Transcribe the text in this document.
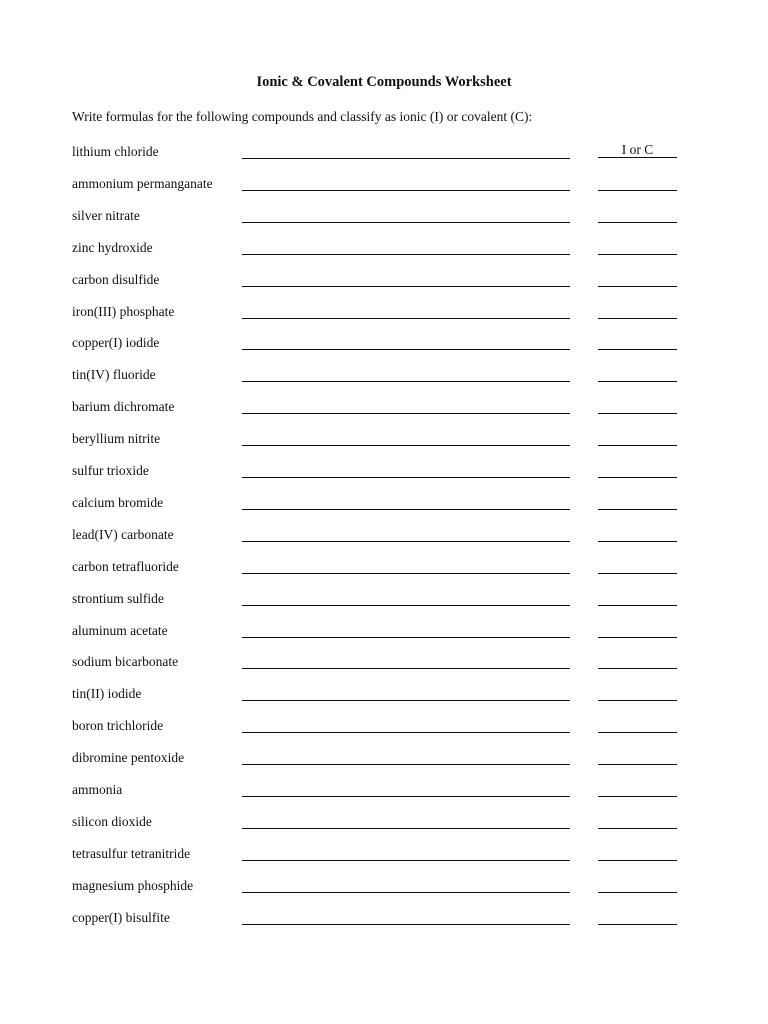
Ionic & Covalent Compounds Worksheet
Write formulas for the following compounds and classify as ionic (I) or covalent (C):
I or C
lithium chloride
ammonium permanganate
silver nitrate
zinc hydroxide
carbon disulfide
iron(III) phosphate
copper(I) iodide
tin(IV) fluoride
barium dichromate
beryllium nitrite
sulfur trioxide
calcium bromide
lead(IV) carbonate
carbon tetrafluoride
strontium sulfide
aluminum acetate
sodium bicarbonate
tin(II) iodide
boron trichloride
dibromine pentoxide
ammonia
silicon dioxide
tetrasulfur tetranitride
magnesium phosphide
copper(I) bisulfite
